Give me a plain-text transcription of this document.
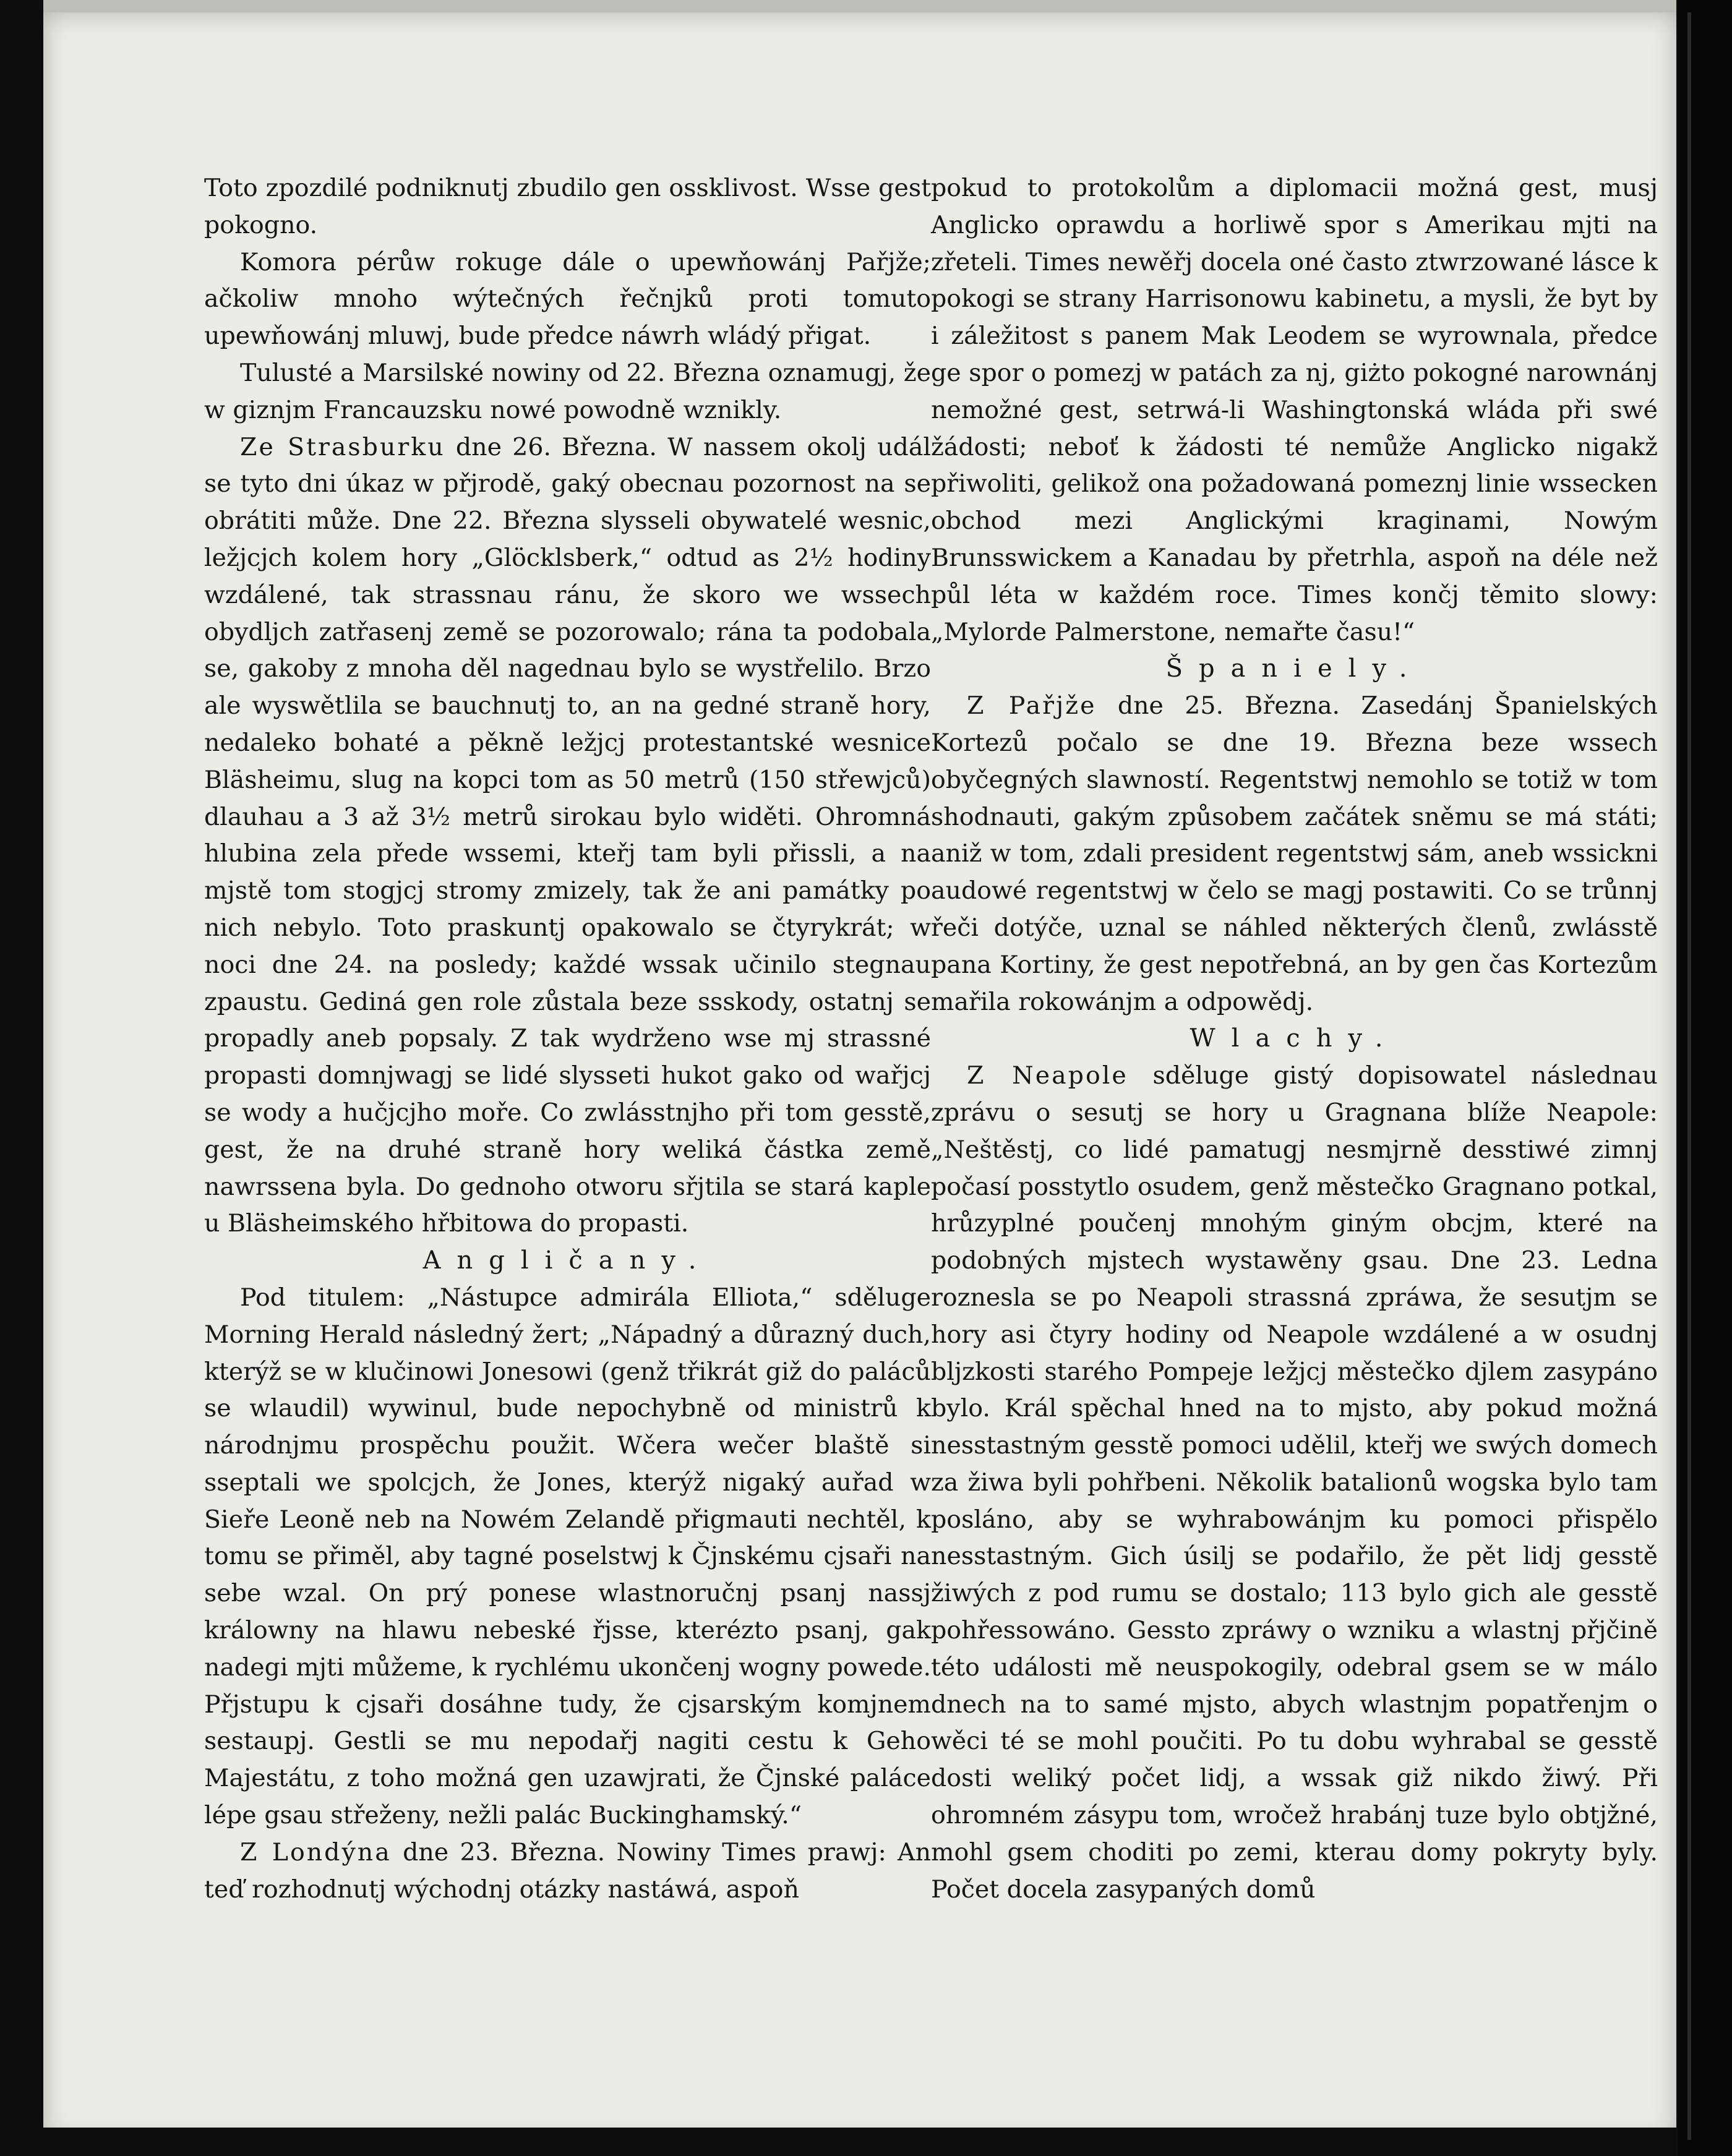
Toto zpozdilé podniknutj zbudilo gen ossklivost. Wsse gest pokogno.

Komora pérůw rokuge dále o upewňowánj Pařjže; ačkoliw mnoho wýtečných řečnjků proti tomuto upewňowánj mluwj, bude předce náwrh wládý přigat.

Tulusté a Marsilské nowiny od 22. Března oznamugj, že w giznjm Francauzsku nowé powodně wznikly.

Ze Strasburku dne 26. Března. W nassem okolj udál se tyto dni úkaz w přjrodě, gaký obecnau pozornost na se obrátiti může. Dne 22. Března slysseli obywatelé wesnic, ležjcjch kolem hory „Glöcklsberk,“ odtud as 2½ hodiny wzdálené, tak strassnau ránu, že skoro we wssech obydljch zatřasenj země se pozorowalo; rána ta podobala se, gakoby z mnoha děl nagednau bylo se wystřelilo. Brzo ale wyswětlila se bauchnutj to, an na gedné straně hory, nedaleko bohaté a pěkně ležjcj protestantské wesnice Bläsheimu, slug na kopci tom as 50 metrů (150 střewjců) dlauhau a 3 až 3½ metrů sirokau bylo widěti. Ohromná hlubina zela přede wssemi, kteřj tam byli přissli, a na mjstě tom stogjcj stromy zmizely, tak že ani památky po nich nebylo. Toto praskuntj opakowalo se čtyrykrát; w noci dne 24. na posledy; každé wssak učinilo stegnau zpaustu. Gediná gen role zůstala beze ssskody, ostatnj se propadly aneb popsaly. Z tak wydrženo wse mj strassné propasti domnjwagj se lidé slysseti hukot gako od wařjcj se wody a hučjcjho moře. Co zwlásstnjho při tom gesstě, gest, že na druhé straně hory weliká částka země nawrssena byla. Do gednoho otworu sřjtila se stará kaple u Bläsheimského hřbitowa do propasti.

Angličany.

Pod titulem: „Nástupce admirála Elliota,“ sděluge Morning Herald následný žert; „Nápadný a důrazný duch, kterýž se w klučinowi Jonesowi (genž třikrát giž do paláců se wlaudil) wywinul, bude nepochybně od ministrů k národnjmu prospěchu použit. Wčera wečer blaště si sseptali we spolcjch, že Jones, kterýž nigaký auřad w Sieře Leoně neb na Nowém Zelandě přigmauti nechtěl, k tomu se přiměl, aby tagné poselstwj k Čjnskému cjsaři na sebe wzal. On prý ponese wlastnoručnj psanj nassj králowny na hlawu nebeské řjsse, kterézto psanj, gak nadegi mjti můžeme, k rychlému ukončenj wogny powede. Přjstupu k cjsaři dosáhne tudy, že cjsarským komjnem sestaupj. Gestli se mu nepodařj nagiti cestu k Geho Majestátu, z toho možná gen uzawjrati, že Čjnské paláce lépe gsau střeženy, nežli palác Buckinghamský.“

Z Londýna dne 23. Března. Nowiny Times prawj: An teď rozhodnutj wýchodnj otázky nastáwá, aspoň

pokud to protokolům a diplomacii možná gest, musj Anglicko oprawdu a horliwě spor s Amerikau mjti na zřeteli. Times newěřj docela oné často ztwrzowané lásce k pokogi se strany Harrisonowu kabinetu, a mysli, že byt by i záležitost s panem Mak Leodem se wyrownala, předce ge spor o pomezj w patách za nj, giżto pokogné narownánj nemožné gest, setrwá-li Washingtonská wláda při swé žádosti; neboť k žádosti té nemůže Anglicko nigakž přiwoliti, gelikož ona požadowaná pomeznj linie wssecken obchod mezi Anglickými kraginami, Nowým Brunsswickem a Kanadau by přetrhla, aspoň na déle než půl léta w každém roce. Times končj těmito slowy: „Mylorde Palmerstone, nemařte času!“

Španiely.

Z Pařjže dne 25. Března. Zasedánj Španielských Kortezů počalo se dne 19. Března beze wssech obyčegných slawností. Regentstwj nemohlo se totiž w tom shodnauti, gakým způsobem začátek sněmu se má státi; aniž w tom, zdali president regentstwj sám, aneb wssickni audowé regentstwj w čelo se magj postawiti. Co se trůnnj řeči dotýče, uznal se náhled některých členů, zwlásstě pana Kortiny, že gest nepotřebná, an by gen čas Kortezům mařila rokowánjm a odpowědj.

Wlachy.

Z Neapole sděluge gistý dopisowatel následnau zprávu o sesutj se hory u Gragnana blíže Neapole: „Neštěstj, co lidé pamatugj nesmjrně desstiwé zimnj počasí posstytlo osudem, genž městečko Gragnano potkal, hrůzyplné poučenj mnohým giným obcjm, které na podobných mjstech wystawěny gsau. Dne 23. Ledna roznesla se po Neapoli strassná zpráwa, že sesutjm se hory asi čtyry hodiny od Neapole wzdálené a w osudnj bljzkosti starého Pompeje ležjcj městečko djlem zasypáno bylo. Král spěchal hned na to mjsto, aby pokud možná nesstastným gesstě pomoci udělil, kteřj we swých domech za žiwa byli pohřbeni. Několik batalionů wogska bylo tam posláno, aby se wyhrabowánjm ku pomoci přispělo nesstastným. Gich úsilj se podařilo, že pět lidj gesstě žiwých z pod rumu se dostalo; 113 bylo gich ale gesstě pohřessowáno. Gessto zpráwy o wzniku a wlastnj přjčině této události mě neuspokogily, odebral gsem se w málo dnech na to samé mjsto, abych wlastnjm popatřenjm o wěci té se mohl poučiti. Po tu dobu wyhrabal se gesstě dosti weliký počet lidj, a wssak giž nikdo žiwý. Při ohromném zásypu tom, wročež hrabánj tuze bylo obtjžné, mohl gsem choditi po zemi, kterau domy pokryty byly. Počet docela zasypaných domů
